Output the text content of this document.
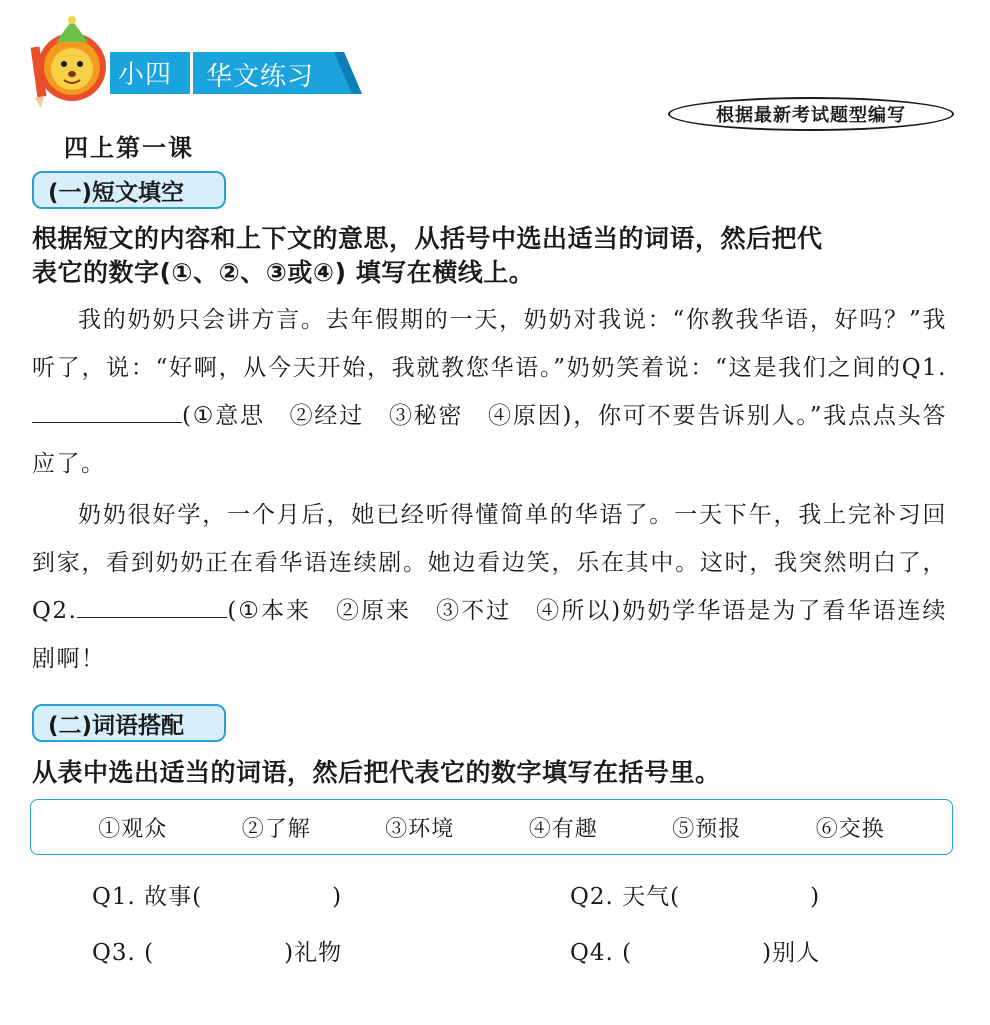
小四 华文练习
根据最新考试题型编写
四上第一课
(一)短文填空
根据短文的内容和上下文的意思，从括号中选出适当的词语，然后把代
表它的数字(①、②、③或④) 填写在横线上。

我的奶奶只会讲方言。去年假期的一天，奶奶对我说：“你教我华语，好吗？”我听了，说：“好啊，从今天开始，我就教您华语。”奶奶笑着说：“这是我们之间的Q1.(①意思　②经过　③秘密　④原因)，你可不要告诉别人。”我点点头答应了。

奶奶很好学，一个月后，她已经听得懂简单的华语了。一天下午，我上完补习回到家，看到奶奶正在看华语连续剧。她边看边笑，乐在其中。这时，我突然明白了，Q2.	(①本来　②原来　③不过　④所以)奶奶学华语是为了看华语连续剧啊！

(二)词语搭配
从表中选出适当的词语，然后把代表它的数字填写在括号里。
①观众	②了解	③环境	④有趣	⑤预报	⑥交换
Q1. 故事(	)	Q2. 天气(	)
Q3. (	)礼物	Q4. (	)别人
